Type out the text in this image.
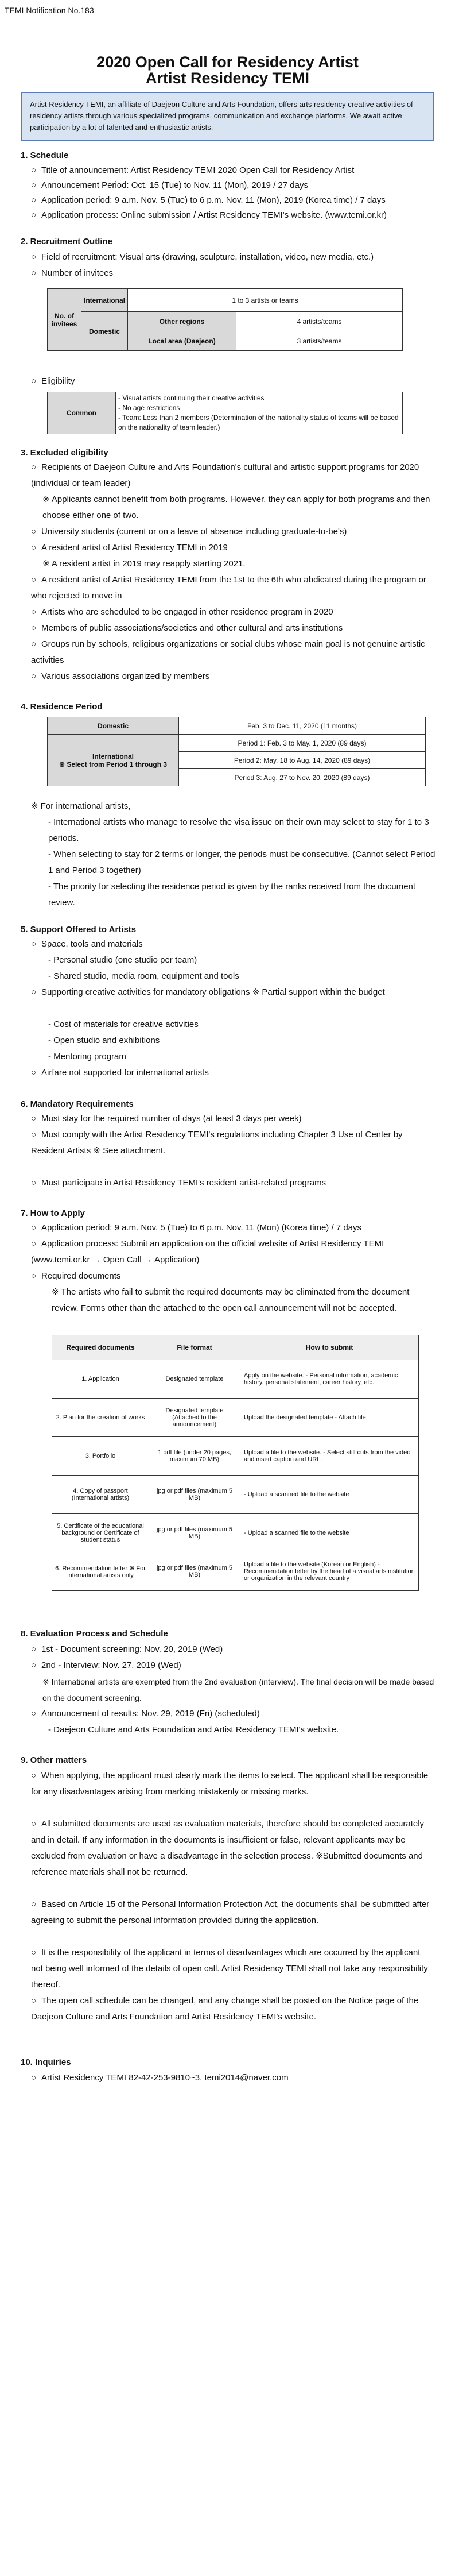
TEMI Notification No.183
2020 Open Call for Residency Artist
Artist Residency TEMI
Artist Residency TEMI, an affiliate of Daejeon Culture and Arts Foundation, offers arts residency creative activities of residency artists through various specialized programs, communication and exchange platforms. We await active participation by a lot of talented and enthusiastic artists.
1. Schedule
○ Title of announcement: Artist Residency TEMI 2020 Open Call for Residency Artist
○ Announcement Period: Oct. 15 (Tue) to Nov. 11 (Mon), 2019 / 27 days
○ Application period: 9 a.m. Nov. 5 (Tue) to 6 p.m. Nov. 11 (Mon), 2019 (Korea time) / 7 days
○ Application process: Online submission / Artist Residency TEMI's website. (www.temi.or.kr)
2. Recruitment Outline
○ Field of recruitment: Visual arts (drawing, sculpture, installation, video, new media, etc.)
○ Number of invitees
No. of invitees	International	1 to 3 artists or teams	
	Domestic	Other regions	4 artists/teams
		Local area (Daejeon)	3 artists/teams
○ Eligibility
Common	
- Visual artists continuing their creative activities
- No age restrictions
- Team: Less than 2 members (Determination of the nationality status of teams will be based on the nationality of team leader.)
3. Excluded eligibility
○ Recipients of Daejeon Culture and Arts Foundation's cultural and artistic support programs for 2020 (individual or team leader)
※ Applicants cannot benefit from both programs. However, they can apply for both programs and then choose either one of two.
○ University students (current or on a leave of absence including graduate-to-be's)
○ A resident artist of Artist Residency TEMI in 2019
※ A resident artist in 2019 may reapply starting 2021.
○ A resident artist of Artist Residency TEMI from the 1st to the 6th who abdicated during the program or who rejected to move in
○ Artists who are scheduled to be engaged in other residence program in 2020
○ Members of public associations/societies and other cultural and arts institutions
○ Groups run by schools, religious organizations or social clubs whose main goal is not genuine artistic activities
○ Various associations organized by members
4. Residence Period
Domestic	Feb. 3 to Dec. 11, 2020 (11 months)

International
※ Select from Period 1 through 3	Period 1: Feb. 3 to May. 1, 2020 (89 days)
	Period 2: May. 18 to Aug. 14, 2020 (89 days)
	Period 3: Aug. 27 to Nov. 20, 2020 (89 days)
※ For international artists,
- International artists who manage to resolve the visa issue on their own may select to stay for 1 to 3 periods.
- When selecting to stay for 2 terms or longer, the periods must be consecutive. (Cannot select Period 1 and Period 3 together)
- The priority for selecting the residence period is given by the ranks received from the document review.
5. Support Offered to Artists
○ Space, tools and materials
- Personal studio (one studio per team)
- Shared studio, media room, equipment and tools
○ Supporting creative activities for mandatory obligations ※ Partial support within the budget
- Cost of materials for creative activities
- Open studio and exhibitions
- Mentoring program
○ Airfare not supported for international artists
6. Mandatory Requirements
○ Must stay for the required number of days (at least 3 days per week)
○ Must comply with the Artist Residency TEMI's regulations including Chapter 3 Use of Center by Resident Artists ※ See attachment.
○ Must participate in Artist Residency TEMI's resident artist-related programs
7. How to Apply
○ Application period: 9 a.m. Nov. 5 (Tue) to 6 p.m. Nov. 11 (Mon) (Korea time) / 7 days
○ Application process: Submit an application on the official website of Artist Residency TEMI (www.temi.or.kr → Open Call → Application)
○ Required documents
※ The artists who fail to submit the required documents may be eliminated from the document review. Forms other than the attached to the open call announcement will not be accepted.
Required documents	File format	How to submit
1. Application	Designated template	Apply on the website. - Personal information, academic history, personal statement, career history, etc.
2. Plan for the creation of works	Designated template (Attached to the announcement)	Upload the designated template - Attach file
3. Portfolio	1 pdf file (under 20 pages, maximum 70 MB)	Upload a file to the website. - Select still cuts from the video and insert caption and URL.
4. Copy of passport (International artists)	jpg or pdf files (maximum 5 MB)	- Upload a scanned file to the website
5. Certificate of the educational background or Certificate of student status	jpg or pdf files (maximum 5 MB)	- Upload a scanned file to the website
6. Recommendation letter ※ For international artists only	jpg or pdf files (maximum 5 MB)	Upload a file to the website (Korean or English) - Recommendation letter by the head of a visual arts institution or organization in the relevant country
8. Evaluation Process and Schedule
○ 1st - Document screening: Nov. 20, 2019 (Wed)
○ 2nd - Interview: Nov. 27, 2019 (Wed)
※ International artists are exempted from the 2nd evaluation (interview). The final decision will be made based on the document screening.
○ Announcement of results: Nov. 29, 2019 (Fri) (scheduled)
- Daejeon Culture and Arts Foundation and Artist Residency TEMI's website.
9. Other matters
○ When applying, the applicant must clearly mark the items to select. The applicant shall be responsible for any disadvantages arising from marking mistakenly or missing marks.
○ All submitted documents are used as evaluation materials, therefore should be completed accurately and in detail. If any information in the documents is insufficient or false, relevant applicants may be excluded from evaluation or have a disadvantage in the selection process. ※Submitted documents and reference materials shall not be returned.
○ Based on Article 15 of the Personal Information Protection Act, the documents shall be submitted after agreeing to submit the personal information provided during the application.
○ It is the responsibility of the applicant in terms of disadvantages which are occurred by the applicant not being well informed of the details of open call. Artist Residency TEMI shall not take any responsibility thereof.
○ The open call schedule can be changed, and any change shall be posted on the Notice page of the Daejeon Culture and Arts Foundation and Artist Residency TEMI's website.
10. Inquiries
○ Artist Residency TEMI 82-42-253-9810~3, temi2014@naver.com
